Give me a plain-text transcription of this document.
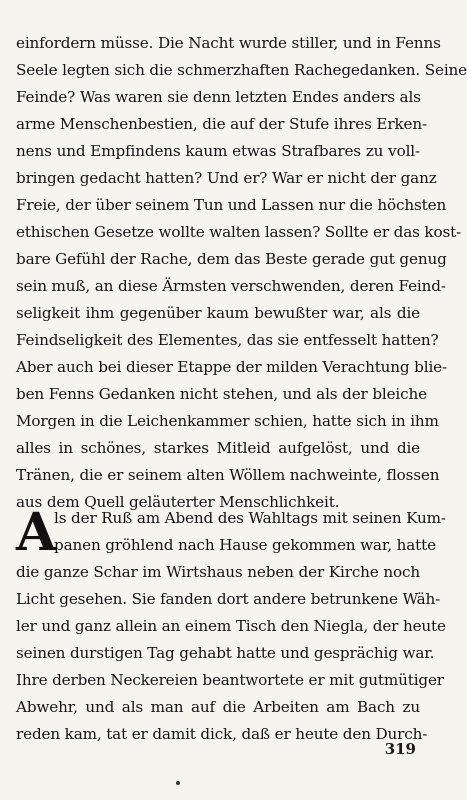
einfordern müsse. Die Nacht wurde stiller, und in Fenns
Seele legten sich die schmerzhaften Rachegedanken. Seine
Feinde? Was waren sie denn letzten Endes anders als
arme Menschenbestien, die auf der Stufe ihres Erken-
nens und Empfindens kaum etwas Strafbares zu voll-
bringen gedacht hatten? Und er? War er nicht der ganz
Freie, der über seinem Tun und Lassen nur die höchsten
ethischen Gesetze wollte walten lassen? Sollte er das kost-
bare Gefühl der Rache, dem das Beste gerade gut genug
sein muß, an diese Ärmsten verschwenden, deren Feind-
seligkeit ihm gegenüber kaum bewußter war, als die
Feindseligkeit des Elementes, das sie entfesselt hatten?
Aber auch bei dieser Etappe der milden Verachtung blie-
ben Fenns Gedanken nicht stehen, und als der bleiche
Morgen in die Leichenkammer schien, hatte sich in ihm
alles in schönes, starkes Mitleid aufgelöst, und die
Tränen, die er seinem alten Wöllem nachweinte, flossen
aus dem Quell geläuterter Menschlichkeit.
A
ls der Ruß am Abend des Wahltags mit seinen Kum-
panen gröhlend nach Hause gekommen war, hatte
die ganze Schar im Wirtshaus neben der Kirche noch
Licht gesehen. Sie fanden dort andere betrunkene Wäh-
ler und ganz allein an einem Tisch den Niegla, der heute
seinen durstigen Tag gehabt hatte und gesprächig war.
Ihre derben Neckereien beantwortete er mit gutmütiger
Abwehr, und als man auf die Arbeiten am Bach zu
reden kam, tat er damit dick, daß er heute den Durch-
319
